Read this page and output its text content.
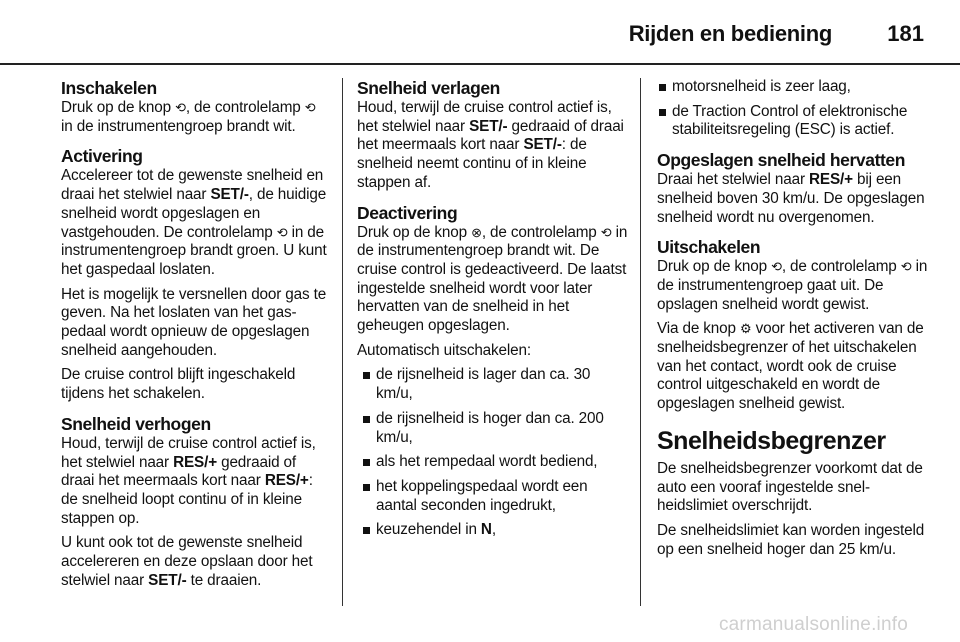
Rijden en bediening	181
Inschakelen

Druk op de knop ⟲, de controlelamp ⟲ in de instrumentengroep brandt wit.

Activering

Accelereer tot de gewenste snelheid en draai het stelwiel naar SET/-, de huidige snelheid wordt opgeslagen en vastgehouden. De controlelamp ⟲ in de instrumentengroep brandt groen. U kunt het gaspedaal loslaten.

Het is mogelijk te versnellen door gas te geven. Na het loslaten van het gaspedaal wordt opnieuw de opgeslagen snelheid aangehouden.

De cruise control blijft ingeschakeld tijdens het schakelen.

Snelheid verhogen

Houd, terwijl de cruise control actief is, het stelwiel naar RES/+ gedraaid of draai het meermaals kort naar RES/+: de snelheid loopt continu of in kleine stappen op.

U kunt ook tot de gewenste snelheid accelereren en deze opslaan door het stelwiel naar SET/- te draaien.

Snelheid verlagen

Houd, terwijl de cruise control actief is, het stelwiel naar SET/- gedraaid of draai het meermaals kort naar SET/-: de snelheid neemt continu of in kleine stappen af.

Deactivering

Druk op de knop ⊗, de controlelamp ⟲ in de instrumentengroep brandt wit. De cruise control is gedeactiveerd. De laatst ingestelde snelheid wordt voor later hervatten van de snelheid in het geheugen opgeslagen.

Automatisch uitschakelen:

de rijsnelheid is lager dan ca. 30 km/u,
de rijsnelheid is hoger dan ca. 200 km/u,
als het rempedaal wordt bediend,
het koppelingspedaal wordt een aantal seconden ingedrukt,
keuzehendel in N,
motorsnelheid is zeer laag,
de Traction Control of elektronische stabiliteitsregeling (ESC) is actief.
Opgeslagen snelheid hervatten

Draai het stelwiel naar RES/+ bij een snelheid boven 30 km/u. De opgeslagen snelheid wordt nu overgenomen.

Uitschakelen

Druk op de knop ⟲, de controlelamp ⟲ in de instrumentengroep gaat uit. De opslagen snelheid wordt gewist.

Via de knop ⚙ voor het activeren van de snelheidsbegrenzer of het uitschakelen van het contact, wordt ook de cruise control uitgeschakeld en wordt de opgeslagen snelheid gewist.

Snelheidsbegrenzer

De snelheidsbegrenzer voorkomt dat de auto een vooraf ingestelde snelheidslimiet overschrijdt.

De snelheidslimiet kan worden ingesteld op een snelheid hoger dan 25 km/u.

carmanualsonline.info
